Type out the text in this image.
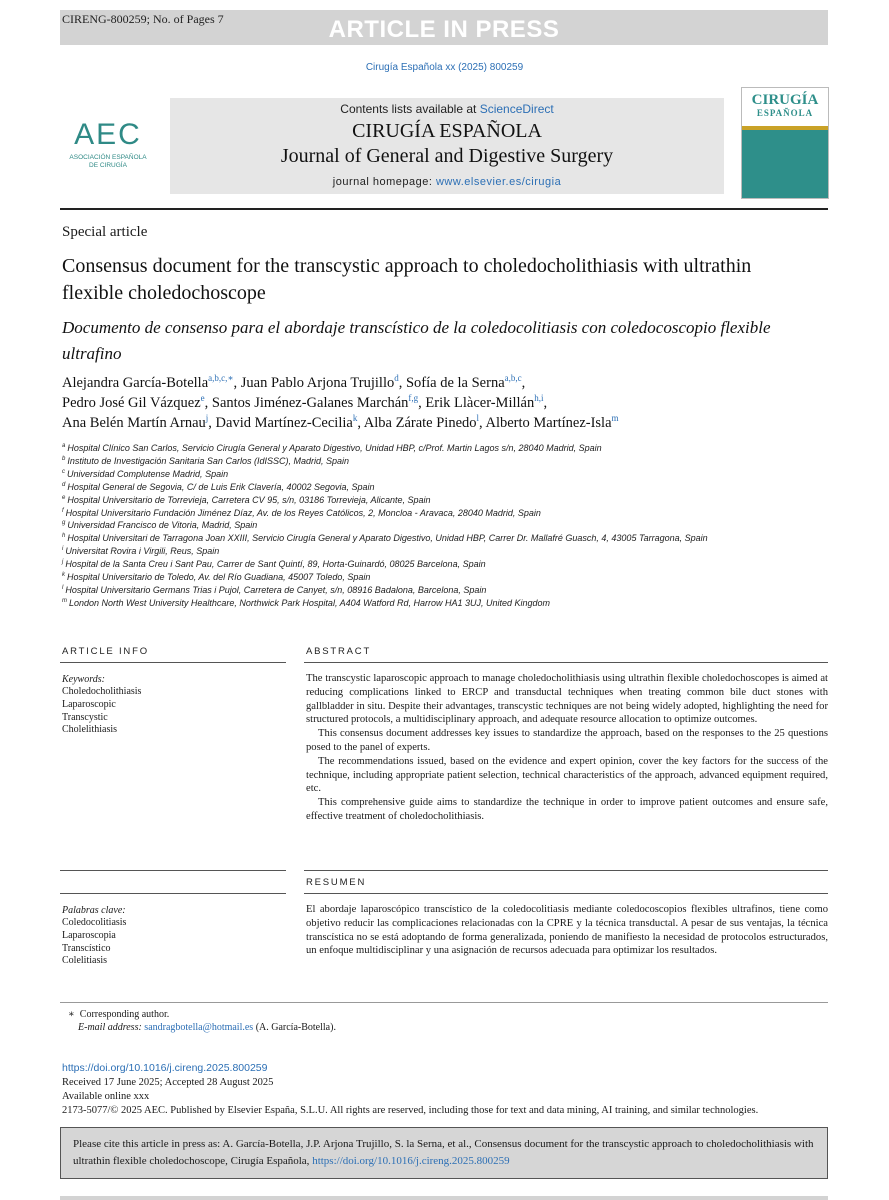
ARTICLE IN PRESS
CIRENG-800259; No. of Pages 7
Cirugía Española xx (2025) 800259
AEC
ASOCIACIÓN ESPAÑOLA
DE CIRUGÍA
Contents lists available at ScienceDirect
CIRUGÍA ESPAÑOLA
Journal of General and Digestive Surgery
journal homepage: www.elsevier.es/cirugia
CIRUGÍA
ESPAÑOLA
Special article
Consensus document for the transcystic approach to choledocholithiasis with ultrathin flexible choledochoscope
Documento de consenso para el abordaje transcístico de la coledocolitiasis con coledocoscopio flexible ultrafino
Alejandra García-Botella$^{a,b,c,∗}$, Juan Pablo Arjona Trujillo$^d$, Sofía de la Serna$^{a,b,c}$,
Pedro José Gil Vázquez$^e$, Santos Jiménez-Galanes Marchán$^{f,g}$, Erik Llàcer-Millán$^{h,i}$,
Ana Belén Martín Arnau$^j$, David Martínez-Cecilia$^k$, Alba Zárate Pinedo$^l$, Alberto Martínez-Isla$^m$
$^a$ Hospital Clínico San Carlos, Servicio Cirugía General y Aparato Digestivo, Unidad HBP, c/Prof. Martin Lagos s/n, 28040 Madrid, Spain
$^b$ Instituto de Investigación Sanitaria San Carlos (IdISSC), Madrid, Spain
$^c$ Universidad Complutense Madrid, Spain
$^d$ Hospital General de Segovia, C/ de Luis Erik Clavería, 40002 Segovia, Spain
$^e$ Hospital Universitario de Torrevieja, Carretera CV 95, s/n, 03186 Torrevieja, Alicante, Spain
$^f$ Hospital Universitario Fundación Jiménez Díaz, Av. de los Reyes Católicos, 2, Moncloa - Aravaca, 28040 Madrid, Spain
$^g$ Universidad Francisco de Vitoria, Madrid, Spain
$^h$ Hospital Universitari de Tarragona Joan XXIII, Servicio Cirugía General y Aparato Digestivo, Unidad HBP, Carrer Dr. Mallafré Guasch, 4, 43005 Tarragona, Spain
$^i$ Universitat Rovira i Virgili, Reus, Spain
$^j$ Hospital de la Santa Creu i Sant Pau, Carrer de Sant Quintí, 89, Horta-Guinardó, 08025 Barcelona, Spain
$^k$ Hospital Universitario de Toledo, Av. del Río Guadiana, 45007 Toledo, Spain
$^l$ Hospital Universitario Germans Trias i Pujol, Carretera de Canyet, s/n, 08916 Badalona, Barcelona, Spain
$^m$ London North West University Healthcare, Northwick Park Hospital, A404 Watford Rd, Harrow HA1 3UJ, United Kingdom
ARTICLE INFO
Keywords:
Choledocholithiasis
Laparoscopic
Transcystic
Cholelithiasis
ABSTRACT

The transcystic laparoscopic approach to manage choledocholithiasis using ultrathin flexible choledochoscopes is aimed at reducing complications linked to ERCP and transductal techniques when treating common bile duct stones with gallbladder in situ. Despite their advantages, transcystic techniques are not being widely adopted, highlighting the need for structured protocols, a multidisciplinary approach, and adequate resource allocation to optimize outcomes.

This consensus document addresses key issues to standardize the approach, based on the responses to the 25 questions posed to the panel of experts.

The recommendations issued, based on the evidence and expert opinion, cover the key factors for the success of the technique, including appropriate patient selection, technical characteristics of the approach, advanced equipment required, etc.

This comprehensive guide aims to standardize the technique in order to improve patient outcomes and ensure safe, effective treatment of choledocholithiasis.

RESUMEN
Palabras clave:
Coledocolitiasis
Laparoscopia
Transcístico
Colelitiasis
El abordaje laparoscópico transcístico de la coledocolitiasis mediante coledocoscopios flexibles ultrafinos, tiene como objetivo reducir las complicaciones relacionadas con la CPRE y la técnica transductal. A pesar de sus ventajas, la técnica transcística no se está adoptando de forma generalizada, poniendo de manifiesto la necesidad de protocolos estructurados, un enfoque multidisciplinar y una asignación de recursos adecuada para optimizar los resultados.
∗ Corresponding author.
E-mail address: sandragbotella@hotmail.es (A. García-Botella).
https://doi.org/10.1016/j.cireng.2025.800259
Received 17 June 2025; Accepted 28 August 2025
Available online xxx
2173-5077/© 2025 AEC. Published by Elsevier España, S.L.U. All rights are reserved, including those for text and data mining, AI training, and similar technologies.
Please cite this article in press as: A. García-Botella, J.P. Arjona Trujillo, S. la Serna, et al., Consensus document for the transcystic approach to choledocholithiasis with ultrathin flexible choledochoscope, Cirugía Española, https://doi.org/10.1016/j.cireng.2025.800259
